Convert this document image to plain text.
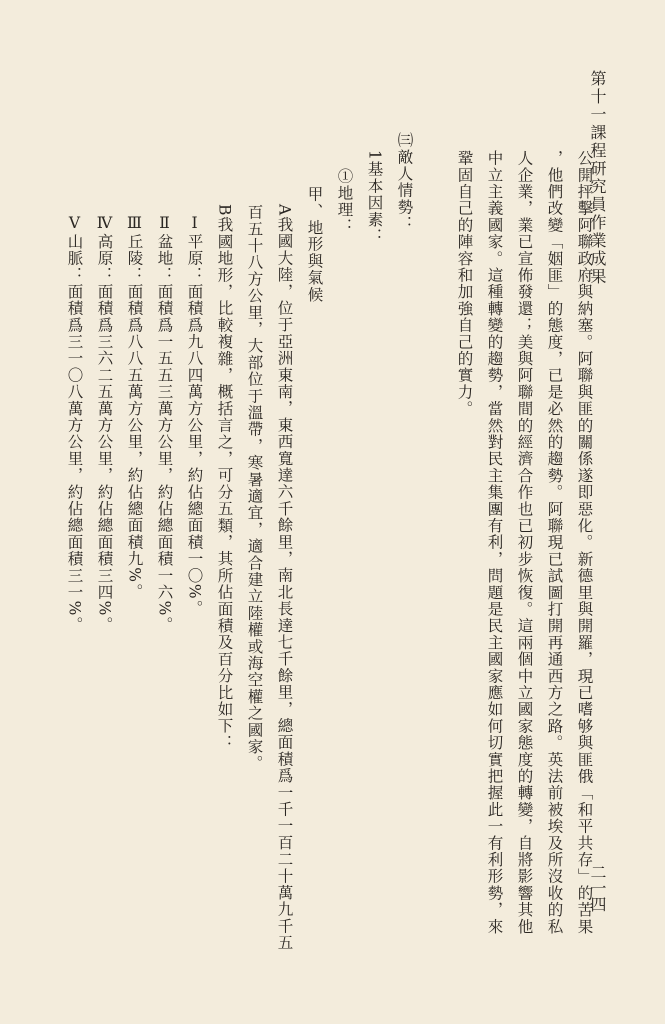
第十一課程研究員作業成果
二一四
公開抨擊阿聯政府與納塞。阿聯與匪的關係遂即惡化。新德里與開羅，現已嗜够與匪俄「和平共存」的苦果
，他們改變「姻匪」的態度，已是必然的趨勢。阿聯現已試圖打開再通西方之路。英法前被埃及所沒收的私
人企業，業已宣佈發還；美與阿聯間的經濟合作也已初步恢復。這兩個中立國家態度的轉變，自將影響其他
中立主義國家。這種轉變的趨勢，當然對民主集團有利，問題是民主國家應如何切實把握此一有利形勢，來
鞏固自己的陣容和加強自己的實力。
㈢敵人情勢：
1基本因素：
①地理：
甲、地形與氣候
A我國大陸，位于亞洲東南，東西寬達六千餘里，南北長達七千餘里，總面積爲一千一百二十萬九千五
百五十八方公里，大部位于溫帶，寒暑適宜，適合建立陸權或海空權之國家。
B我國地形，比較複雜，概括言之，可分五類，其所佔面積及百分比如下：
Ⅰ平原：面積爲九八四萬方公里，約佔總面積一〇%。
Ⅱ盆地：面積爲一五五三萬方公里，約佔總面積一六%。
Ⅲ丘陵：面積爲八八五萬方公里，約佔總面積九%。
Ⅳ高原：面積爲三六二五萬方公里，約佔總面積三四%。
Ⅴ山脈：面積爲三一〇八萬方公里，約佔總面積三一%。
